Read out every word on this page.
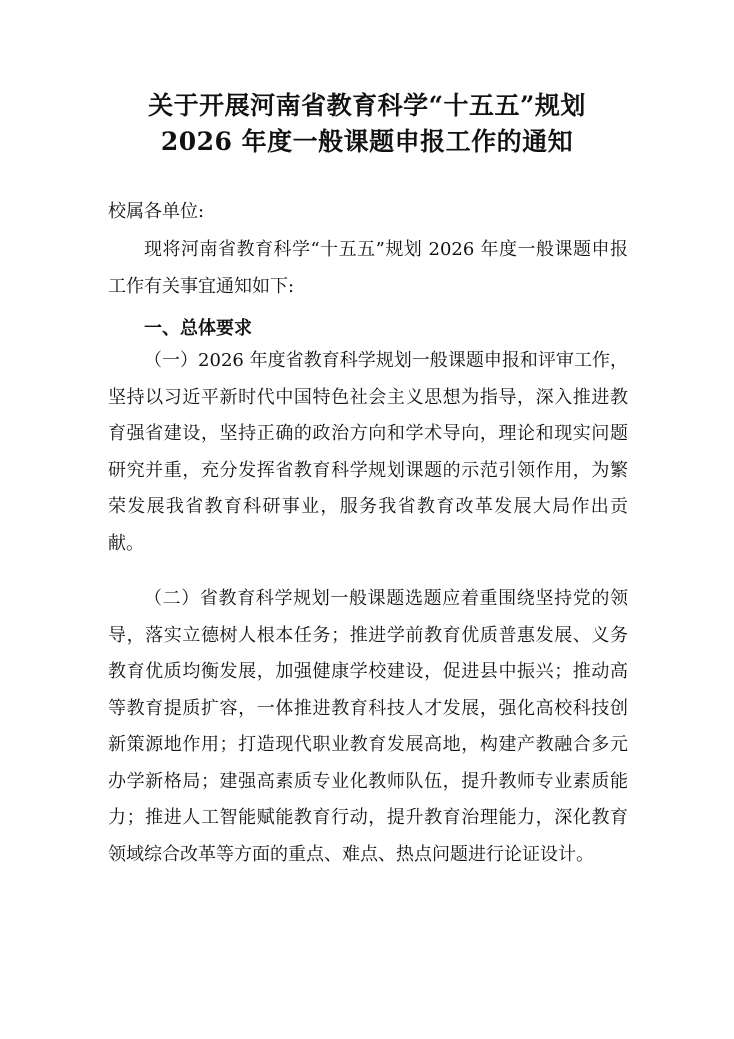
关于开展河南省教育科学“十五五”规划
2026 年度一般课题申报工作的通知
校属各单位:
现将河南省教育科学“十五五”规划 2026 年度一般课题申报工作有关事宜通知如下:
一、总体要求
（一）2026 年度省教育科学规划一般课题申报和评审工作，坚持以习近平新时代中国特色社会主义思想为指导，深入推进教育强省建设，坚持正确的政治方向和学术导向，理论和现实问题研究并重，充分发挥省教育科学规划课题的示范引领作用，为繁荣发展我省教育科研事业，服务我省教育改革发展大局作出贡献。
（二）省教育科学规划一般课题选题应着重围绕坚持党的领导，落实立德树人根本任务；推进学前教育优质普惠发展、义务教育优质均衡发展，加强健康学校建设，促进县中振兴；推动高等教育提质扩容，一体推进教育科技人才发展，强化高校科技创新策源地作用；打造现代职业教育发展高地，构建产教融合多元办学新格局；建强高素质专业化教师队伍，提升教师专业素质能力；推进人工智能赋能教育行动，提升教育治理能力，深化教育领域综合改革等方面的重点、难点、热点问题进行论证设计。
